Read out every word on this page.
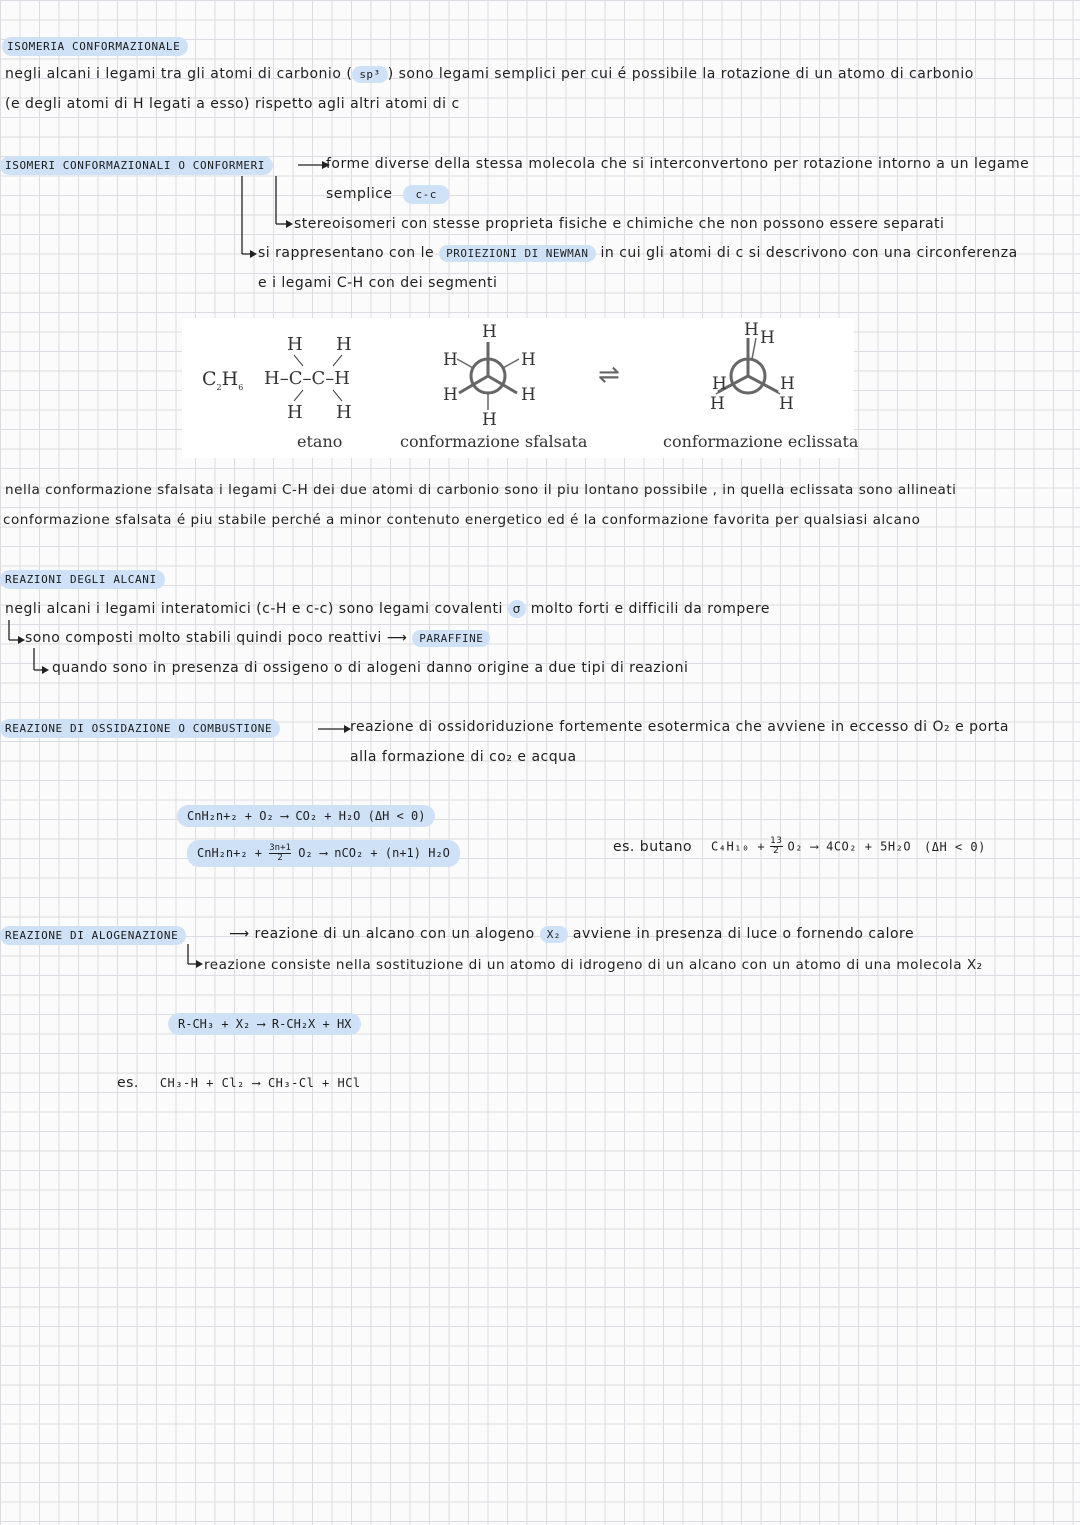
ISOMERIA CONFORMAZIONALE
negli alcani i legami tra gli atomi di carbonio ( sp³ ) sono legami semplici per cui é possibile la rotazione di un atomo di carbonio
(e degli atomi di H legati a esso) rispetto agli altri atomi di c
ISOMERI CONFORMAZIONALI O CONFORMERI	forme diverse della stessa molecola che si interconvertono per rotazione intorno a un legame
semplice c-c
stereoisomeri con stesse proprieta fisiche e chimiche che non possono essere separati
si rappresentano con le PROIEZIONI DI NEWMAN in cui gli atomi di c si descrivono con una circonferenza
e i legami C-H con dei segmenti
$C_2H_6$
H H
H–C–C–H
H H
etano
H
H	H
H	H
H
conformazione sfalsata
⇌
H H
H
H
H
H
conformazione eclissata
nella conformazione sfalsata i legami C-H dei due atomi di carbonio sono il piu lontano possibile , in quella eclissata sono allineati
conformazione sfalsata é piu stabile perché a minor contenuto energetico ed é la conformazione favorita per qualsiasi alcano
REAZIONI DEGLI ALCANI
negli alcani i legami interatomici (c-H e c-c) sono legami covalenti σ molto forti e difficili da rompere
sono composti molto stabili quindi poco reattivi ⟶ PARAFFINE
quando sono in presenza di ossigeno o di alogeni danno origine a due tipi di reazioni
REAZIONE DI OSSIDAZIONE O COMBUSTIONE	reazione di ossidoriduzione fortemente esotermica che avviene in eccesso di O₂ e porta
alla formazione di co₂ e acqua
CnH₂n+₂ + O₂ ⟶ CO₂ + H₂O (ΔH < 0)
$CnH_2n+_2 + \frac{3n+1}{2} O_2$ ⟶ nCO₂ + (n+1) H₂O	es. butano $C_4H_{10} + \frac{13}{2} O_2$ ⟶ 4CO₂ + 5H₂O (ΔH < 0)
REAZIONE DI ALOGENAZIONE	⟶ reazione di un alcano con un alogeno X₂ avviene in presenza di luce o fornendo calore
reazione consiste nella sostituzione di un atomo di idrogeno di un alcano con un atomo di una molecola X₂
R-CH₃ + X₂ ⟶ R-CH₂X + HX
es. CH₃-H + Cl₂ ⟶ CH₃-Cl + HCl
